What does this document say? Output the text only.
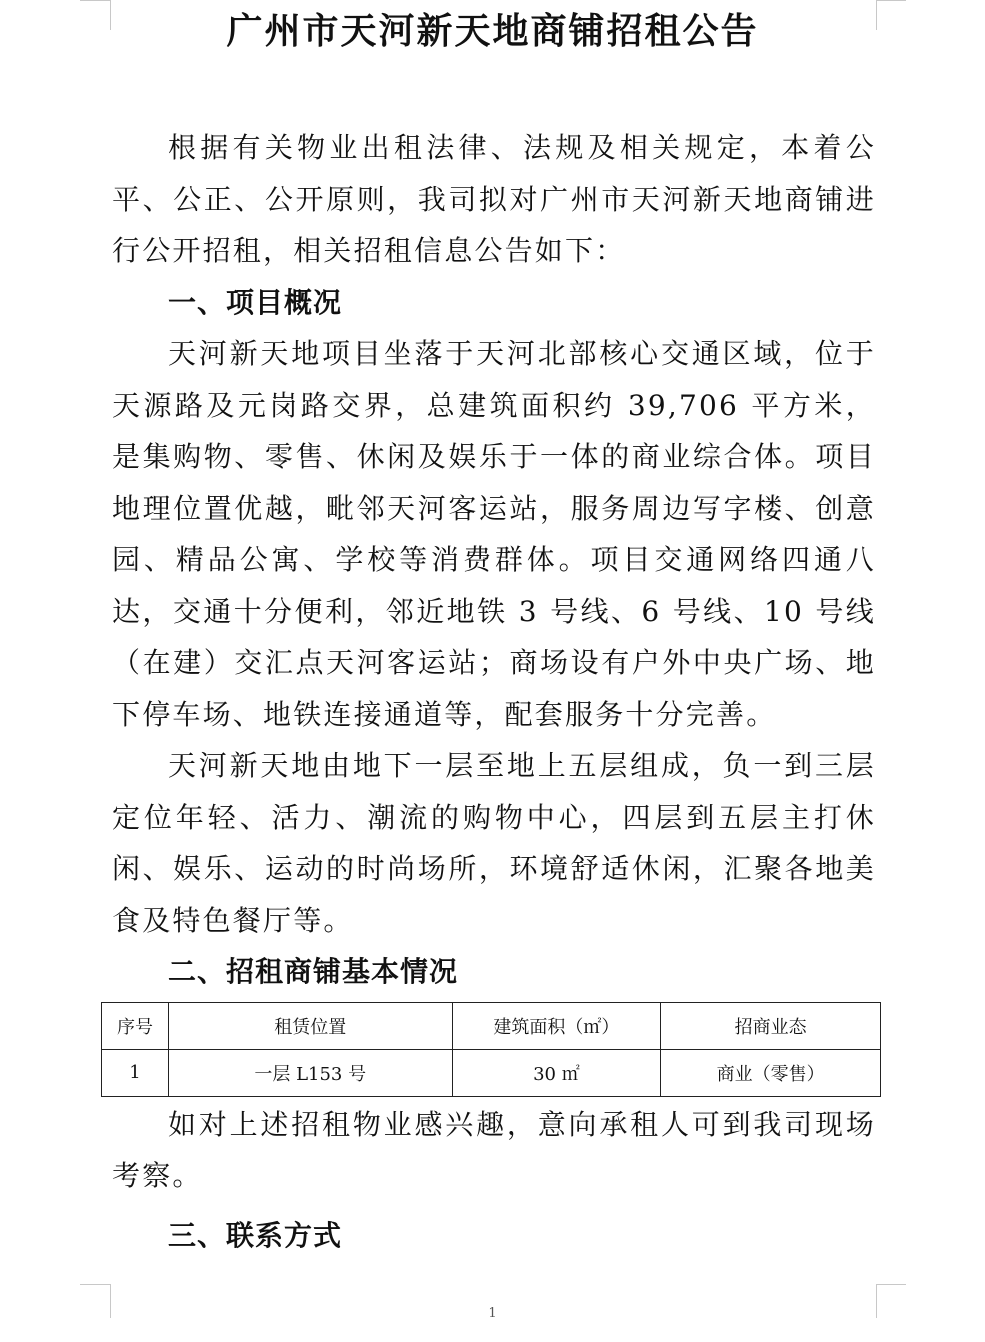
广州市天河新天地商铺招租公告

根据有关物业出租法律、法规及相关规定，本着公平、公正、公开原则，我司拟对广州市天河新天地商铺进行公开招租，相关招租信息公告如下：

一、项目概况

天河新天地项目坐落于天河北部核心交通区域，位于天源路及元岗路交界，总建筑面积约 39,706 平方米，是集购物、零售、休闲及娱乐于一体的商业综合体。项目地理位置优越，毗邻天河客运站，服务周边写字楼、创意园、精品公寓、学校等消费群体。项目交通网络四通八达，交通十分便利，邻近地铁 3 号线、6 号线、10 号线（在建）交汇点天河客运站；商场设有户外中央广场、地下停车场、地铁连接通道等，配套服务十分完善。

天河新天地由地下一层至地上五层组成，负一到三层定位年轻、活力、潮流的购物中心，四层到五层主打休闲、娱乐、运动的时尚场所，环境舒适休闲，汇聚各地美食及特色餐厅等。

二、招租商铺基本情况

序号	租赁位置	建筑面积（㎡）	招商业态
1	一层 L153 号	30 ㎡	商业（零售）

如对上述招租物业感兴趣，意向承租人可到我司现场考察。

三、联系方式

1
